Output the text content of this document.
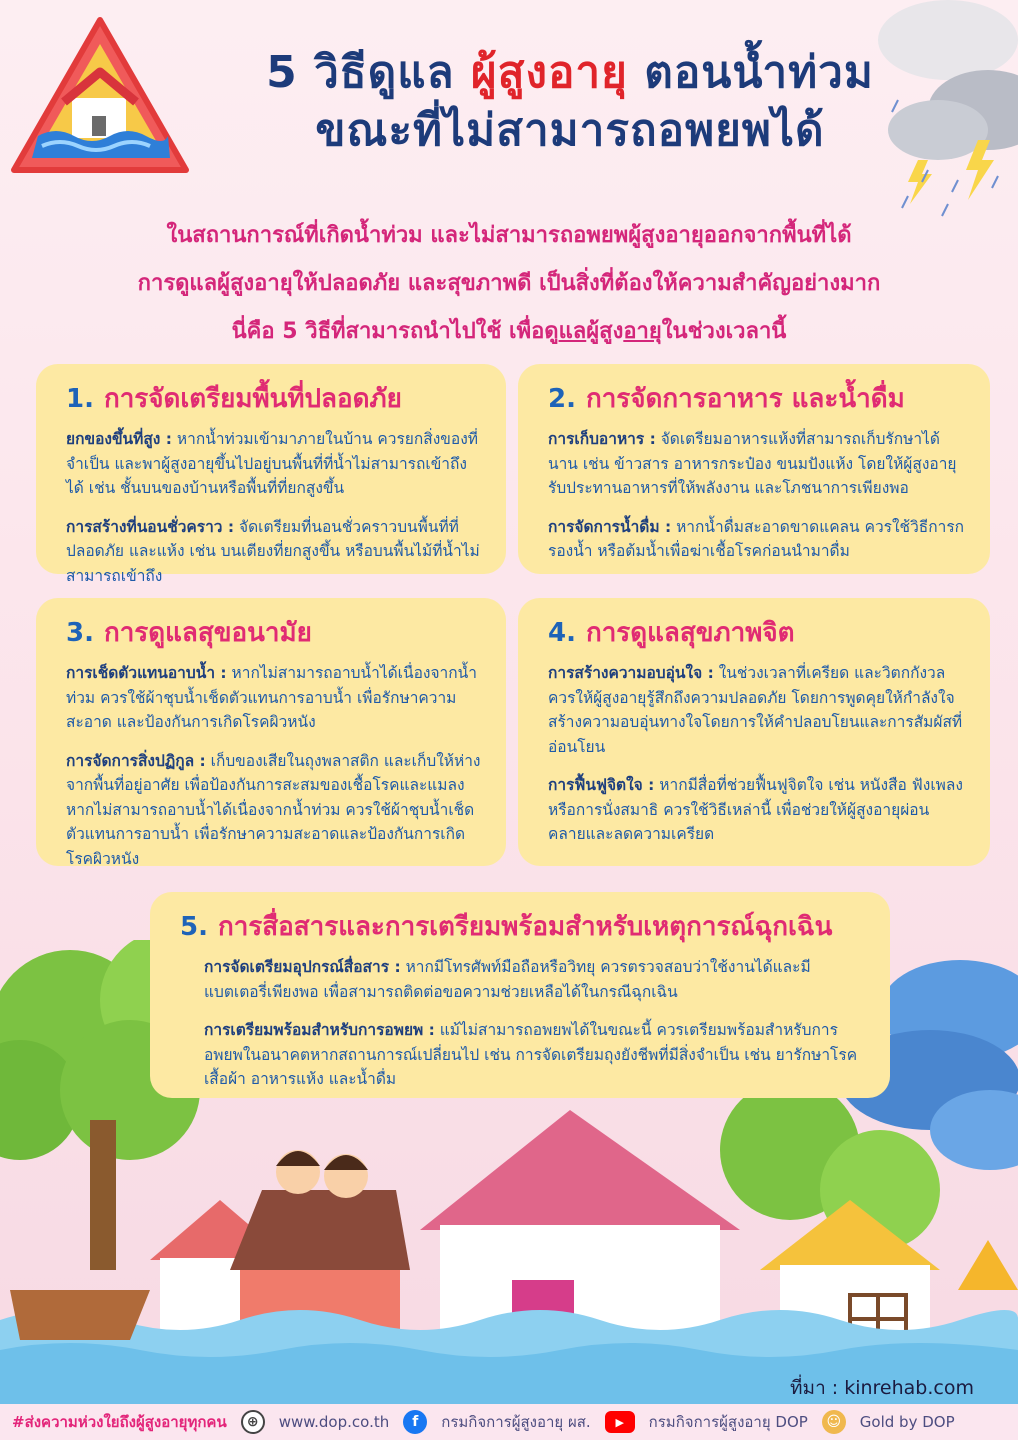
5 วิธีดูแล ผู้สูงอายุ ตอนน้ำท่วม
ขณะที่ไม่สามารถอพยพได้

ในสถานการณ์ที่เกิดน้ำท่วม และไม่สามารถอพยพผู้สูงอายุออกจากพื้นที่ได้

การดูแลผู้สูงอายุให้ปลอดภัย และสุขภาพดี เป็นสิ่งที่ต้องให้ความสำคัญอย่างมาก

นี่คือ 5 วิธีที่สามารถนำไปใช้ เพื่อดูแลผู้สูงอายุในช่วงเวลานี้

1. การจัดเตรียมพื้นที่ปลอดภัย
ยกของขึ้นที่สูง : หากน้ำท่วมเข้ามาภายในบ้าน ควรยกสิ่งของที่จำเป็น และพาผู้สูงอายุขึ้นไปอยู่บนพื้นที่ที่น้ำไม่สามารถเข้าถึงได้ เช่น ชั้นบนของบ้านหรือพื้นที่ที่ยกสูงขึ้น
การสร้างที่นอนชั่วคราว : จัดเตรียมที่นอนชั่วคราวบนพื้นที่ที่ปลอดภัย และแห้ง เช่น บนเตียงที่ยกสูงขึ้น หรือบนพื้นไม้ที่น้ำไม่สามารถเข้าถึง
2. การจัดการอาหาร และน้ำดื่ม
การเก็บอาหาร : จัดเตรียมอาหารแห้งที่สามารถเก็บรักษาได้นาน เช่น ข้าวสาร อาหารกระป๋อง ขนมปังแห้ง โดยให้ผู้สูงอายุรับประทานอาหารที่ให้พลังงาน และโภชนาการเพียงพอ
การจัดการน้ำดื่ม : หากน้ำดื่มสะอาดขาดแคลน ควรใช้วิธีการกรองน้ำ หรือต้มน้ำเพื่อฆ่าเชื้อโรคก่อนนำมาดื่ม
3. การดูแลสุขอนามัย
การเช็ดตัวแทนอาบน้ำ : หากไม่สามารถอาบน้ำได้เนื่องจากน้ำท่วม ควรใช้ผ้าชุบน้ำเช็ดตัวแทนการอาบน้ำ เพื่อรักษาความสะอาด และป้องกันการเกิดโรคผิวหนัง
การจัดการสิ่งปฏิกูล : เก็บของเสียในถุงพลาสติก และเก็บให้ห่างจากพื้นที่อยู่อาศัย เพื่อป้องกันการสะสมของเชื้อโรคและแมลงหากไม่สามารถอาบน้ำได้เนื่องจากน้ำท่วม ควรใช้ผ้าชุบน้ำเช็ดตัวแทนการอาบน้ำ เพื่อรักษาความสะอาดและป้องกันการเกิดโรคผิวหนัง
4. การดูแลสุขภาพจิต
การสร้างความอบอุ่นใจ : ในช่วงเวลาที่เครียด และวิตกกังวล ควรให้ผู้สูงอายุรู้สึกถึงความปลอดภัย โดยการพูดคุยให้กำลังใจ สร้างความอบอุ่นทางใจโดยการให้คำปลอบโยนและการสัมผัสที่อ่อนโยน
การฟื้นฟูจิตใจ : หากมีสื่อที่ช่วยฟื้นฟูจิตใจ เช่น หนังสือ ฟังเพลง หรือการนั่งสมาธิ ควรใช้วิธีเหล่านี้ เพื่อช่วยให้ผู้สูงอายุผ่อนคลายและลดความเครียด
5. การสื่อสารและการเตรียมพร้อมสำหรับเหตุการณ์ฉุกเฉิน
การจัดเตรียมอุปกรณ์สื่อสาร : หากมีโทรศัพท์มือถือหรือวิทยุ ควรตรวจสอบว่าใช้งานได้และมีแบตเตอรี่เพียงพอ เพื่อสามารถติดต่อขอความช่วยเหลือได้ในกรณีฉุกเฉิน
การเตรียมพร้อมสำหรับการอพยพ : แม้ไม่สามารถอพยพได้ในขณะนี้ ควรเตรียมพร้อมสำหรับการอพยพในอนาคตหากสถานการณ์เปลี่ยนไป เช่น การจัดเตรียมถุงยังชีพที่มีสิ่งจำเป็น เช่น ยารักษาโรค เสื้อผ้า อาหารแห้ง และน้ำดื่ม
ที่มา : kinrehab.com
#ส่งความห่วงใยถึงผู้สูงอายุทุกคน	⊕	www.dop.co.th	f	กรมกิจการผู้สูงอายุ ผส.	▶	กรมกิจการผู้สูงอายุ DOP	☺	Gold by DOP
